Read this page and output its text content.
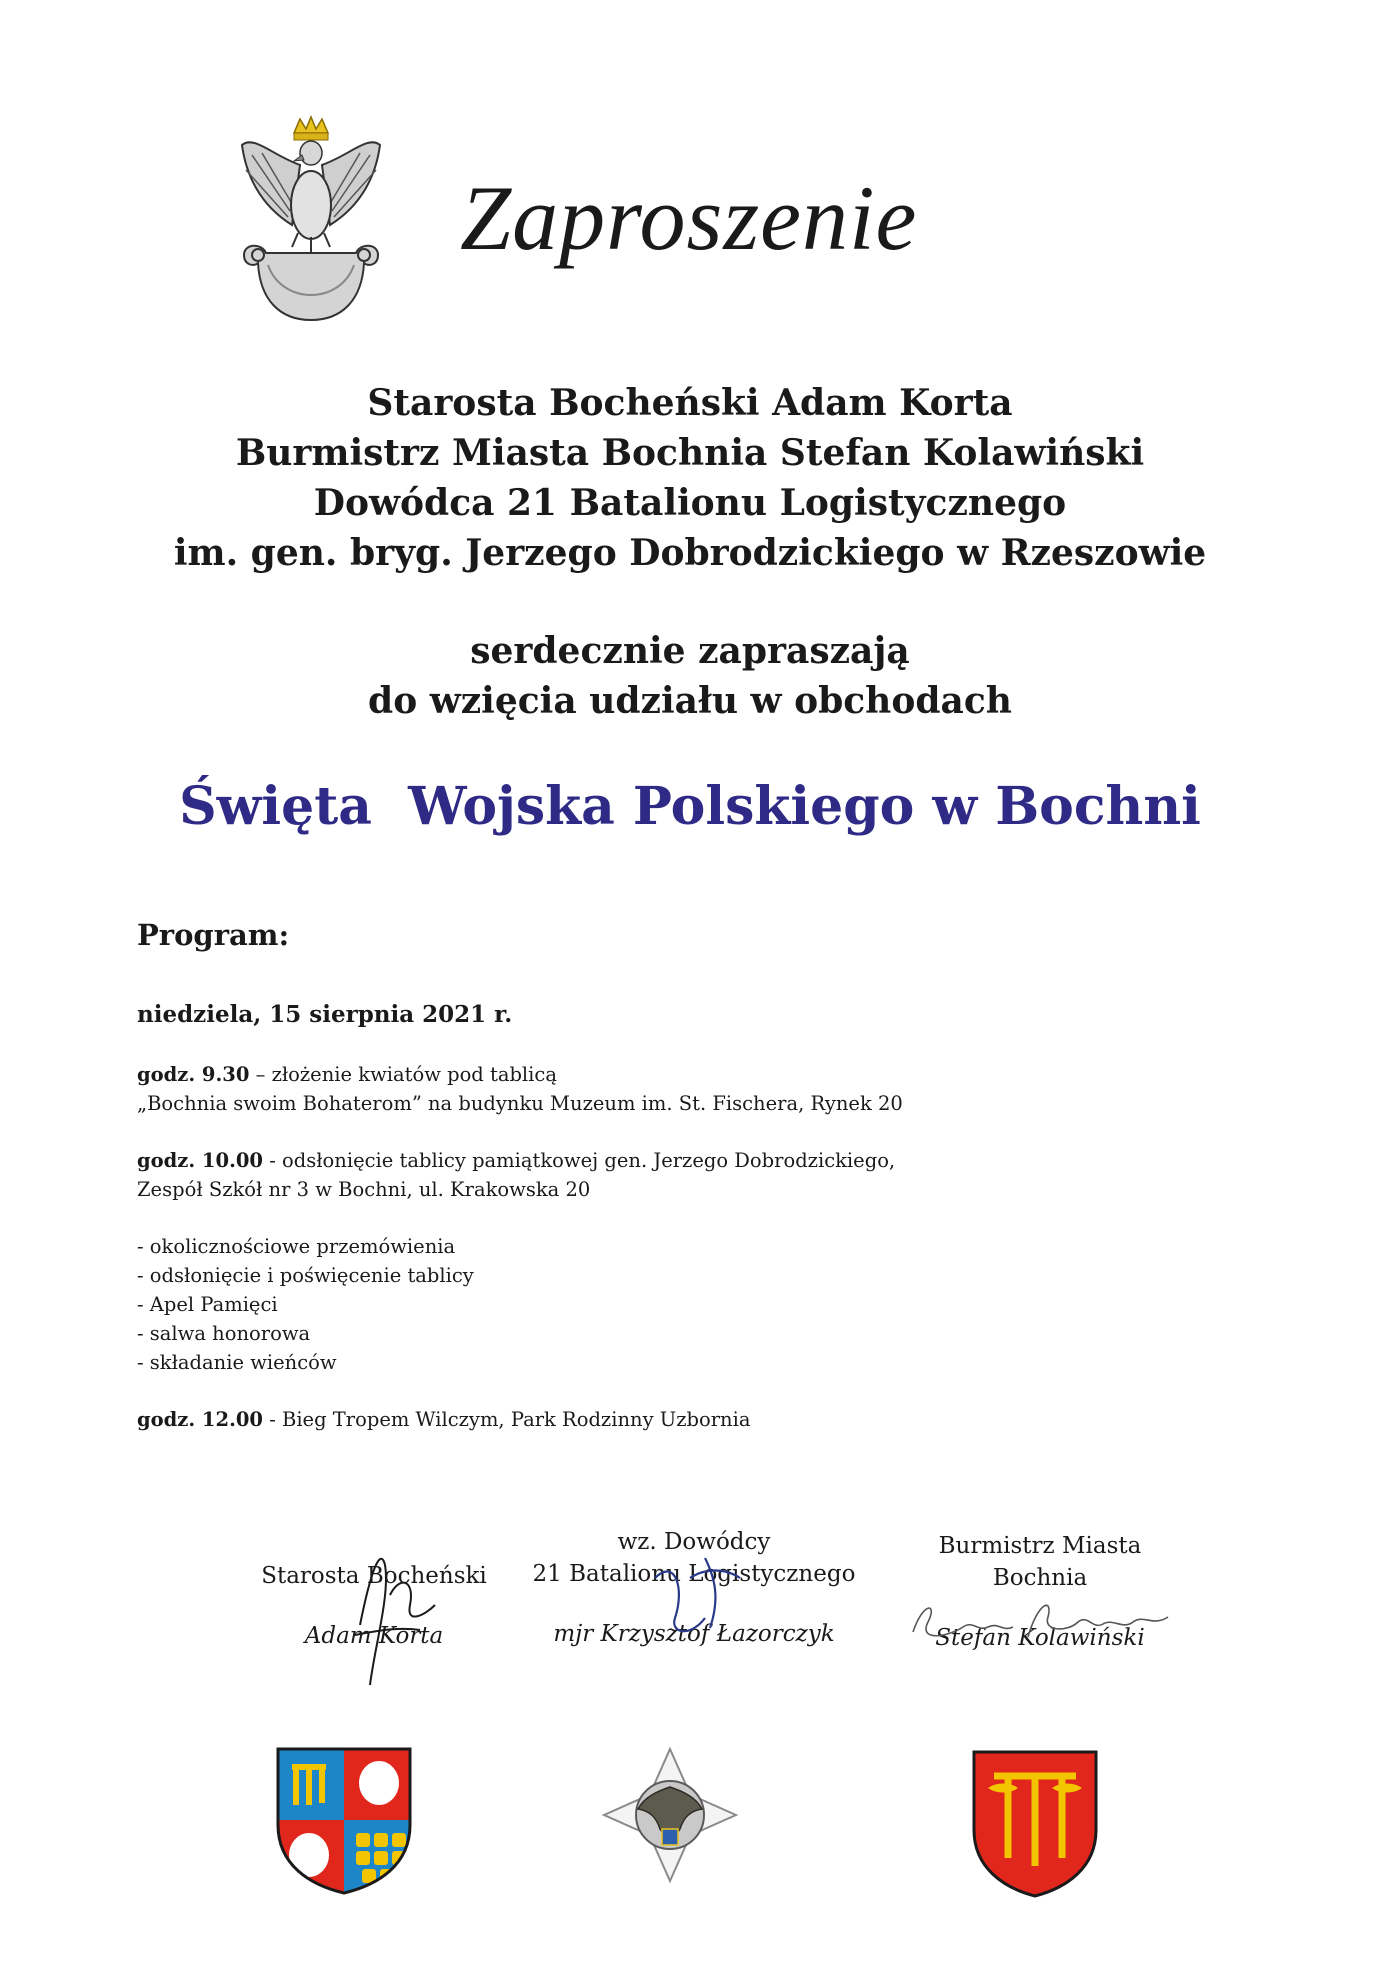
Zaproszenie
Starosta Bocheński Adam Korta
Burmistrz Miasta Bochnia Stefan Kolawiński
Dowódca 21 Batalionu Logistycznego
im. gen. bryg. Jerzego Dobrodzickiego w Rzeszowie
serdecznie zapraszają
do wzięcia udziału w obchodach
Święta  Wojska Polskiego w Bochni
Program:
niedziela, 15 sierpnia 2021 r.

godz. 9.30 – złożenie kwiatów pod tablicą
„Bochnia swoim Bohaterom” na budynku Muzeum im. St. Fischera, Rynek 20

godz. 10.00 - odsłonięcie tablicy pamiątkowej gen. Jerzego Dobrodzickiego,
Zespół Szkół nr 3 w Bochni, ul. Krakowska 20

- okolicznościowe przemówienia
- odsłonięcie i poświęcenie tablicy
- Apel Pamięci
- salwa honorowa
- składanie wieńców

godz. 12.00 - Bieg Tropem Wilczym, Park Rodzinny Uzbornia

Starosta Bocheński
Adam Korta
wz. Dowódcy
21 Batalionu Logistycznego
mjr Krzysztof Łazorczyk
Burmistrz Miasta
Bochnia
Stefan Kolawiński
